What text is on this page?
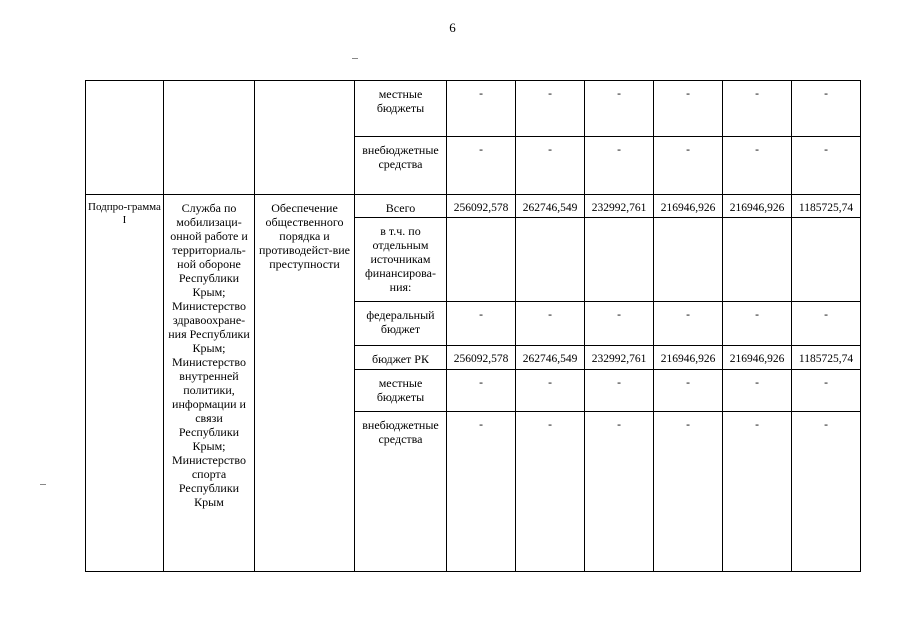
6
			местные бюджеты	-	-	-	-	-	-
			внебюджетные средства	-	-	-	-	-	-
Подпро-грамма I	Служба по мобилизаци-онной работе и территориаль-ной обороне Республики Крым; Министерство здравоохране-ния Республики Крым; Министерство внутренней политики, информации и связи Республики Крым; Министерство спорта Республики Крым	Обеспечение общественного порядка и противодейст-вие преступности	Всего	256092,578	262746,549	232992,761	216946,926	216946,926	1185725,74
			в т.ч. по отдельным источникам финансирова-ния:						
			федеральный бюджет	-	-	-	-	-	-
			бюджет РК	256092,578	262746,549	232992,761	216946,926	216946,926	1185725,74
			местные бюджеты	-	-	-	-	-	-
			внебюджетные средства	-	-	-	-	-	-
